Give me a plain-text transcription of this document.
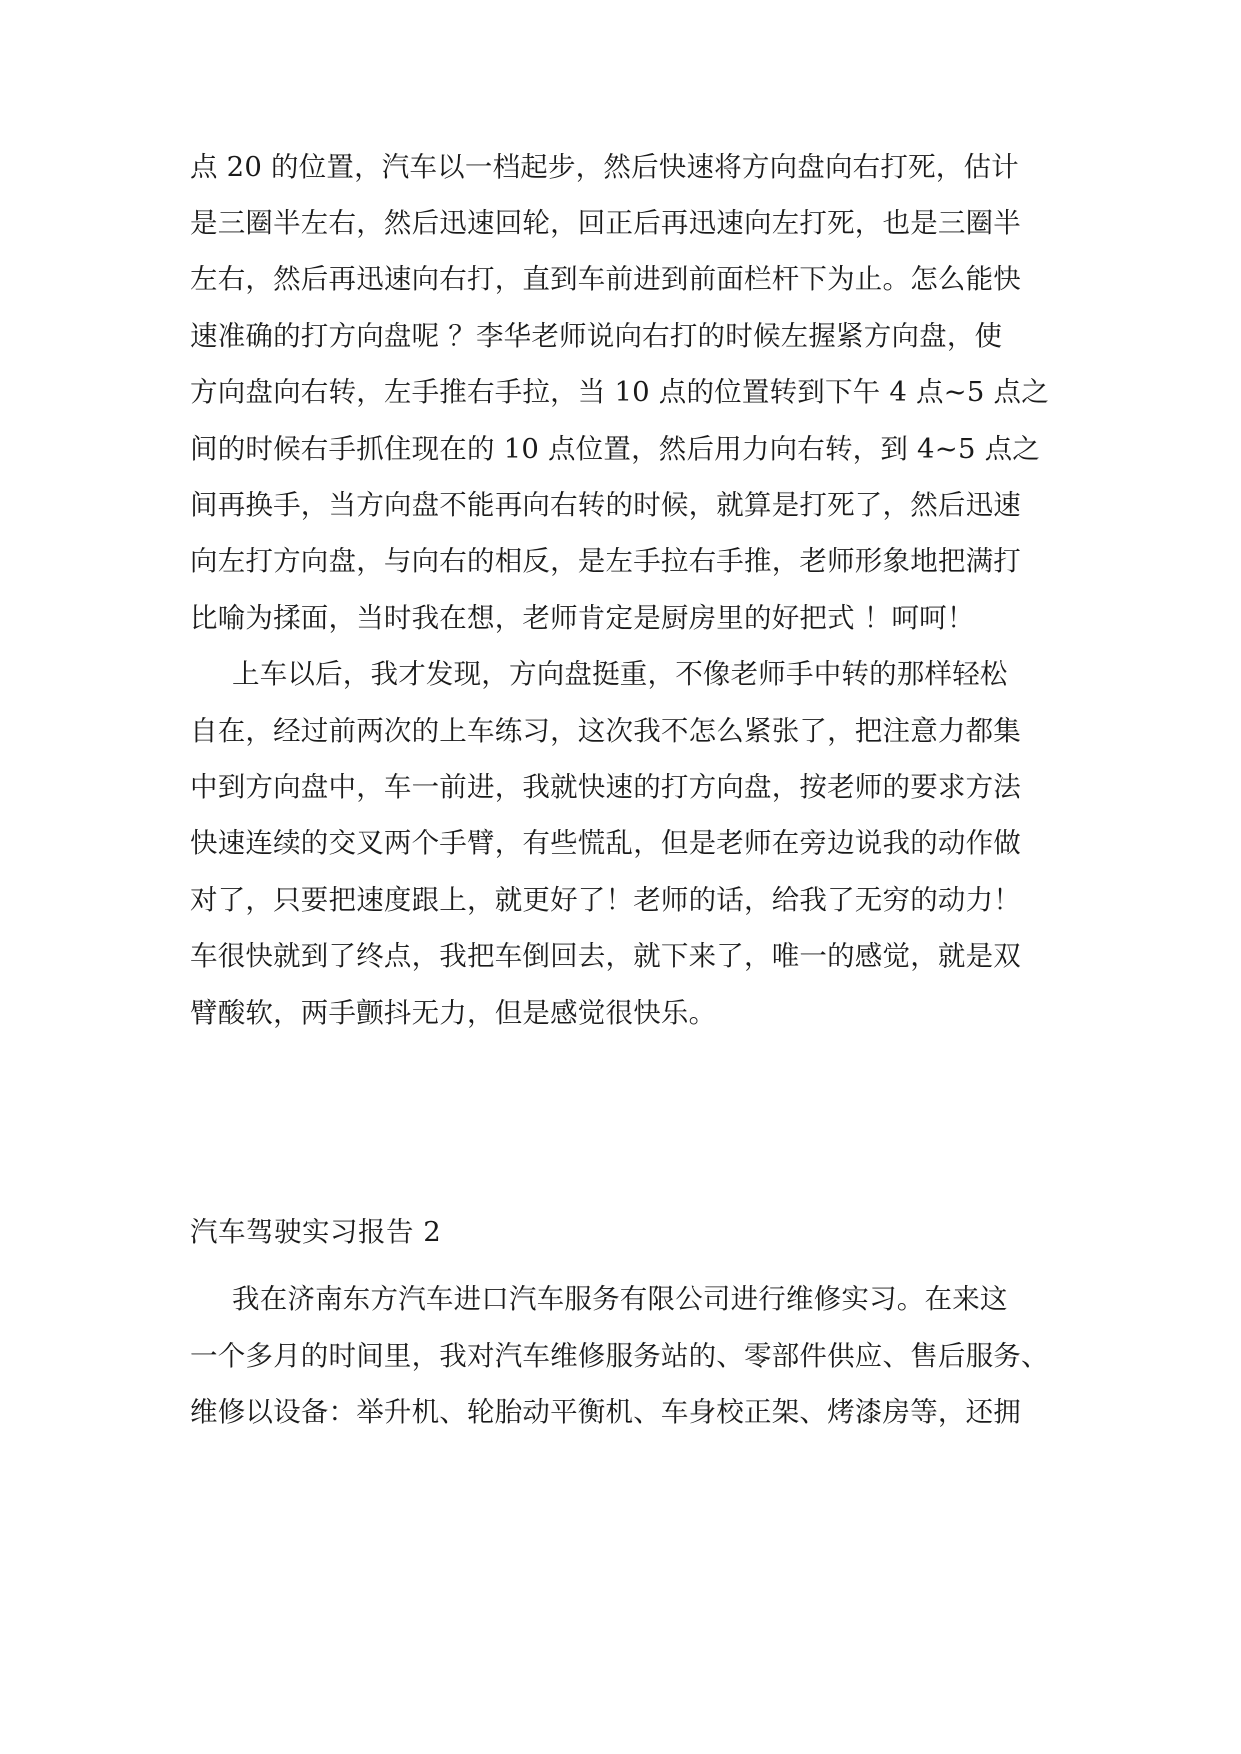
点 20 的位置，汽车以一档起步，然后快速将方向盘向右打死，估计
是三圈半左右，然后迅速回轮，回正后再迅速向左打死，也是三圈半
左右，然后再迅速向右打，直到车前进到前面栏杆下为止。怎么能快
速准确的打方向盘呢 ？李华老师说向右打的时候左握紧方向盘，使
方向盘向右转，左手推右手拉，当 10 点的位置转到下午 4 点~5 点之
间的时候右手抓住现在的 10 点位置，然后用力向右转，到 4~5 点之
间再换手，当方向盘不能再向右转的时候，就算是打死了，然后迅速
向左打方向盘，与向右的相反，是左手拉右手推，老师形象地把满打
比喻为揉面，当时我在想，老师肯定是厨房里的好把式 ！呵呵！
上车以后，我才发现，方向盘挺重，不像老师手中转的那样轻松
自在，经过前两次的上车练习，这次我不怎么紧张了，把注意力都集
中到方向盘中，车一前进，我就快速的打方向盘，按老师的要求方法
快速连续的交叉两个手臂，有些慌乱，但是老师在旁边说我的动作做
对了，只要把速度跟上，就更好了！老师的话，给我了无穷的动力！
车很快就到了终点，我把车倒回去，就下来了，唯一的感觉，就是双
臂酸软，两手颤抖无力，但是感觉很快乐。
汽车驾驶实习报告 2
我在济南东方汽车进口汽车服务有限公司进行维修实习。在来这
一个多月的时间里，我对汽车维修服务站的、零部件供应、售后服务、
维修以设备：举升机、轮胎动平衡机、车身校正架、烤漆房等，还拥
